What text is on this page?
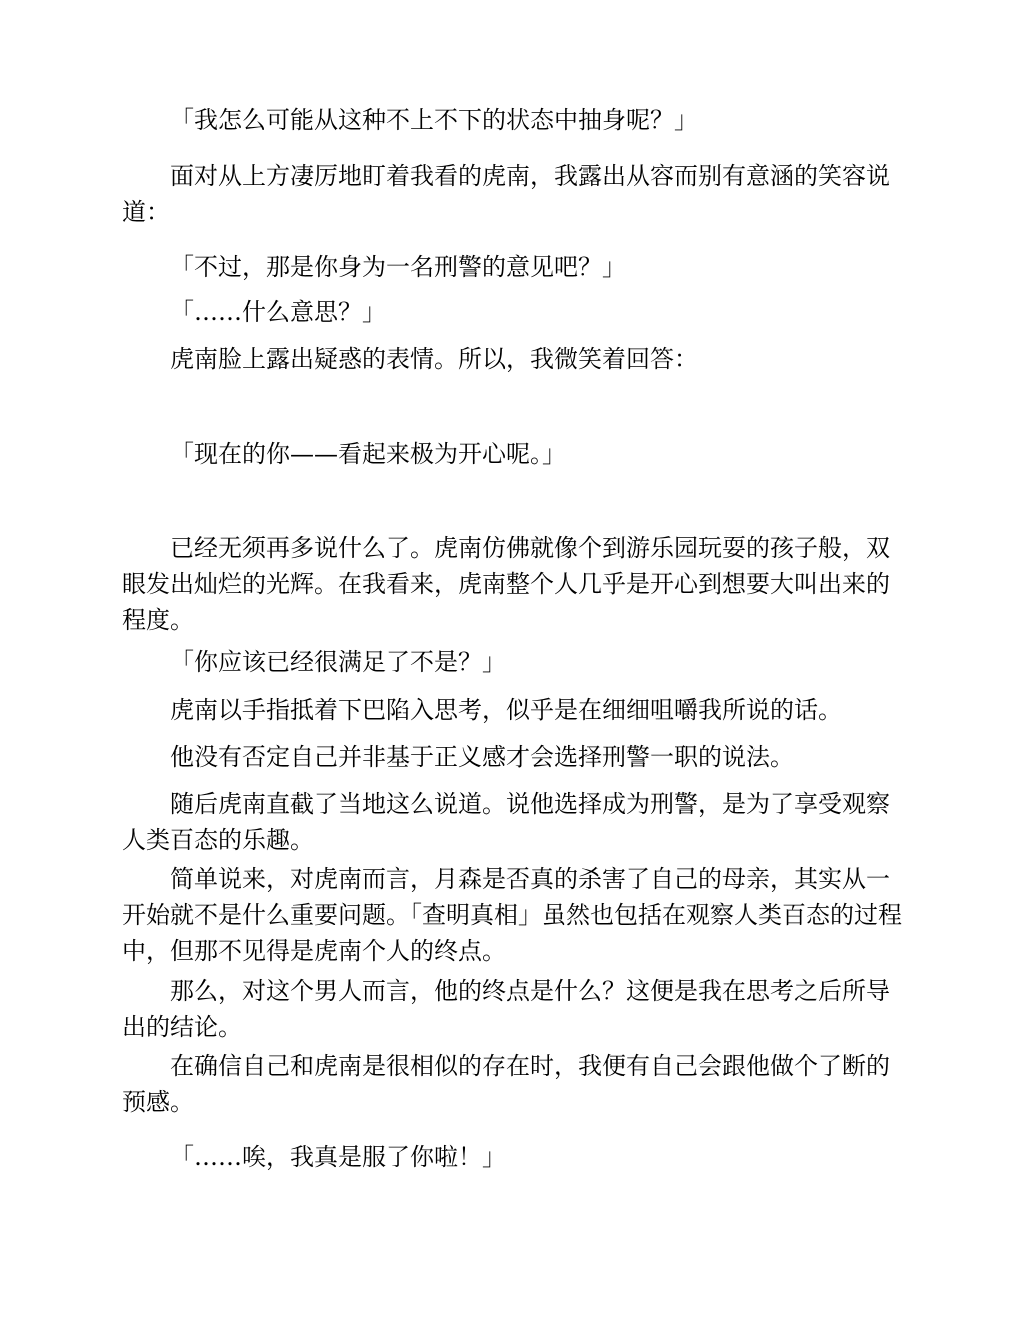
「我怎么可能从这种不上不下的状态中抽身呢？」

面对从上方凄厉地盯着我看的虎南，我露出从容而别有意涵的笑容说道：

「不过，那是你身为一名刑警的意见吧？」

「……什么意思？」

虎南脸上露出疑惑的表情。所以，我微笑着回答：

「现在的你——看起来极为开心呢。」

已经无须再多说什么了。虎南仿佛就像个到游乐园玩耍的孩子般，双眼发出灿烂的光辉。在我看来，虎南整个人几乎是开心到想要大叫出来的程度。

「你应该已经很满足了不是？」

虎南以手指抵着下巴陷入思考，似乎是在细细咀嚼我所说的话。

他没有否定自己并非基于正义感才会选择刑警一职的说法。

随后虎南直截了当地这么说道。说他选择成为刑警，是为了享受观察人类百态的乐趣。

简单说来，对虎南而言，月森是否真的杀害了自己的母亲，其实从一开始就不是什么重要问题。「查明真相」虽然也包括在观察人类百态的过程中，但那不见得是虎南个人的终点。

那么，对这个男人而言，他的终点是什么？这便是我在思考之后所导出的结论。

在确信自己和虎南是很相似的存在时，我便有自己会跟他做个了断的预感。

「……唉，我真是服了你啦！」
